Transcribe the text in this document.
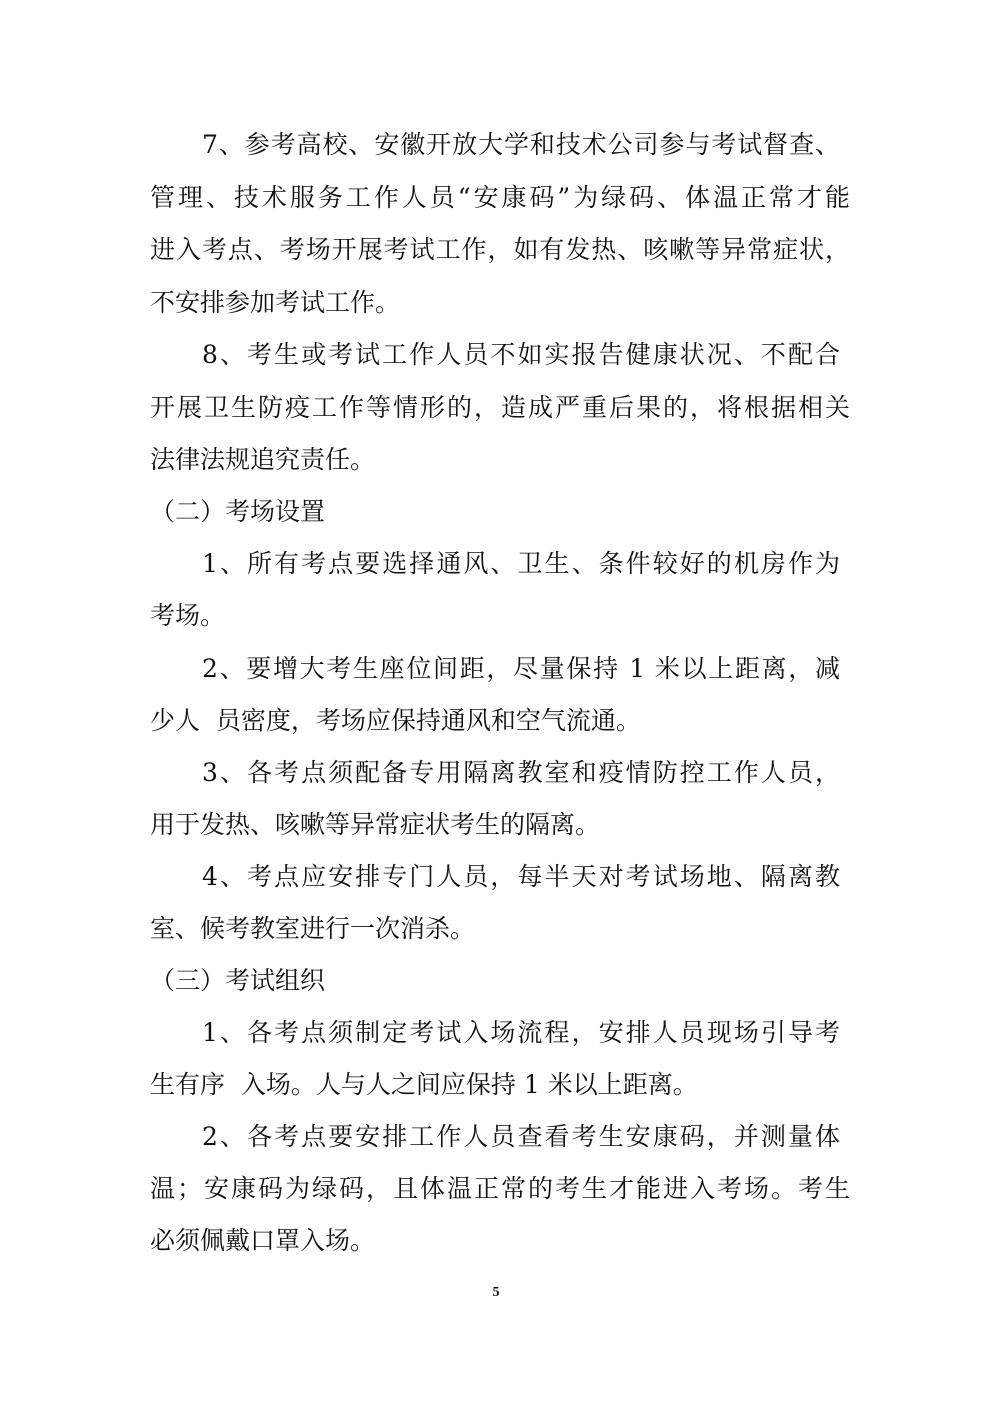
7、参考高校、安徽开放大学和技术公司参与考试督查、
管理、技术服务工作人员“安康码”为绿码、体温正常才能
进入考点、考场开展考试工作，如有发热、咳嗽等异常症状，
不安排参加考试工作。
8、考生或考试工作人员不如实报告健康状况、不配合
开展卫生防疫工作等情形的，造成严重后果的，将根据相关
法律法规追究责任。
（二）考场设置
1、所有考点要选择通风、卫生、条件较好的机房作为
考场。
2、要增大考生座位间距，尽量保持 1 米以上距离，减
少人  员密度，考场应保持通风和空气流通。
3、各考点须配备专用隔离教室和疫情防控工作人员，
用于发热、咳嗽等异常症状考生的隔离。
4、考点应安排专门人员，每半天对考试场地、隔离教
室、候考教室进行一次消杀。
（三）考试组织
1、各考点须制定考试入场流程，安排人员现场引导考
生有序  入场。人与人之间应保持 1 米以上距离。
2、各考点要安排工作人员查看考生安康码，并测量体
温；安康码为绿码，且体温正常的考生才能进入考场。考生
必须佩戴口罩入场。
5
